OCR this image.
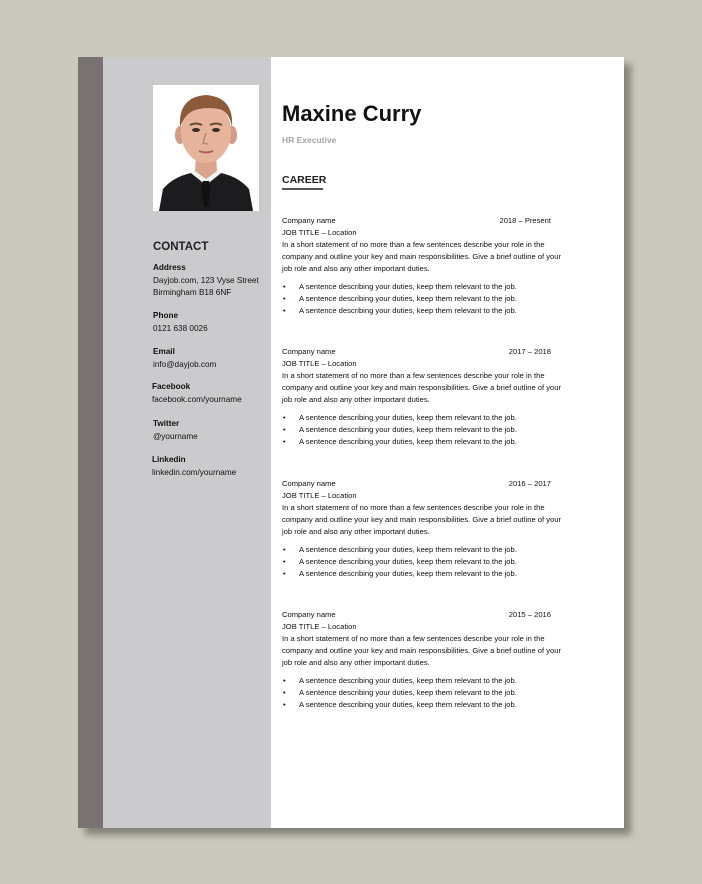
CONTACT
Address
Dayjob.com, 123 Vyse Street
Birmingham B18 6NF
Phone
0121 638 0026
Email
info@dayjob.com
Facebook
facebook.com/yourname
Twitter
@yourname
Linkedin
linkedin.com/yourname
Maxine Curry
HR Executive
CAREER
Company name	2018 – Present
JOB TITLE – Location
In a short statement of no more than a few sentences describe your role in the company and outline your key and main responsibilities. Give a brief outline of your job role and also any other important duties.
• A sentence describing your duties, keep them relevant to the job.
• A sentence describing your duties, keep them relevant to the job.
• A sentence describing your duties, keep them relevant to the job.
Company name	2017 – 2018
JOB TITLE – Location
In a short statement of no more than a few sentences describe your role in the company and outline your key and main responsibilities. Give a brief outline of your job role and also any other important duties.
• A sentence describing your duties, keep them relevant to the job.
• A sentence describing your duties, keep them relevant to the job.
• A sentence describing your duties, keep them relevant to the job.
Company name	2016 – 2017
JOB TITLE – Location
In a short statement of no more than a few sentences describe your role in the company and outline your key and main responsibilities. Give a brief outline of your job role and also any other important duties.
• A sentence describing your duties, keep them relevant to the job.
• A sentence describing your duties, keep them relevant to the job.
• A sentence describing your duties, keep them relevant to the job.
Company name	2015 – 2016
JOB TITLE – Location
In a short statement of no more than a few sentences describe your role in the company and outline your key and main responsibilities. Give a brief outline of your job role and also any other important duties.
• A sentence describing your duties, keep them relevant to the job.
• A sentence describing your duties, keep them relevant to the job.
• A sentence describing your duties, keep them relevant to the job.
